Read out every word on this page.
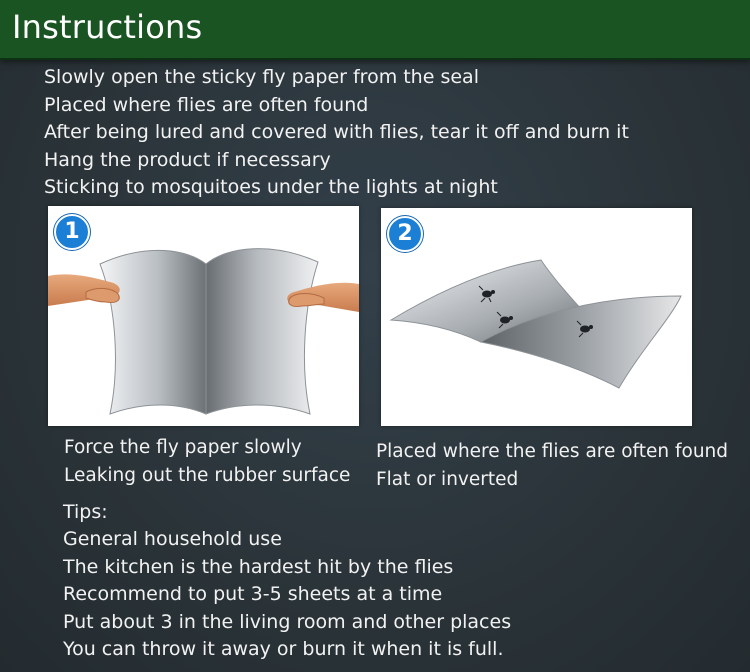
Instructions
Slowly open the sticky fly paper from the seal
Placed where flies are often found
After being lured and covered with flies, tear it off and burn it
Hang the product if necessary
Sticking to mosquitoes under the lights at night
1	2
Force the fly paper slowly
Leaking out the rubber surface
Placed where the flies are often found
Flat or inverted
Tips:
General household use
The kitchen is the hardest hit by the flies
Recommend to put 3-5 sheets at a time
Put about 3 in the living room and other places
You can throw it away or burn it when it is full.
